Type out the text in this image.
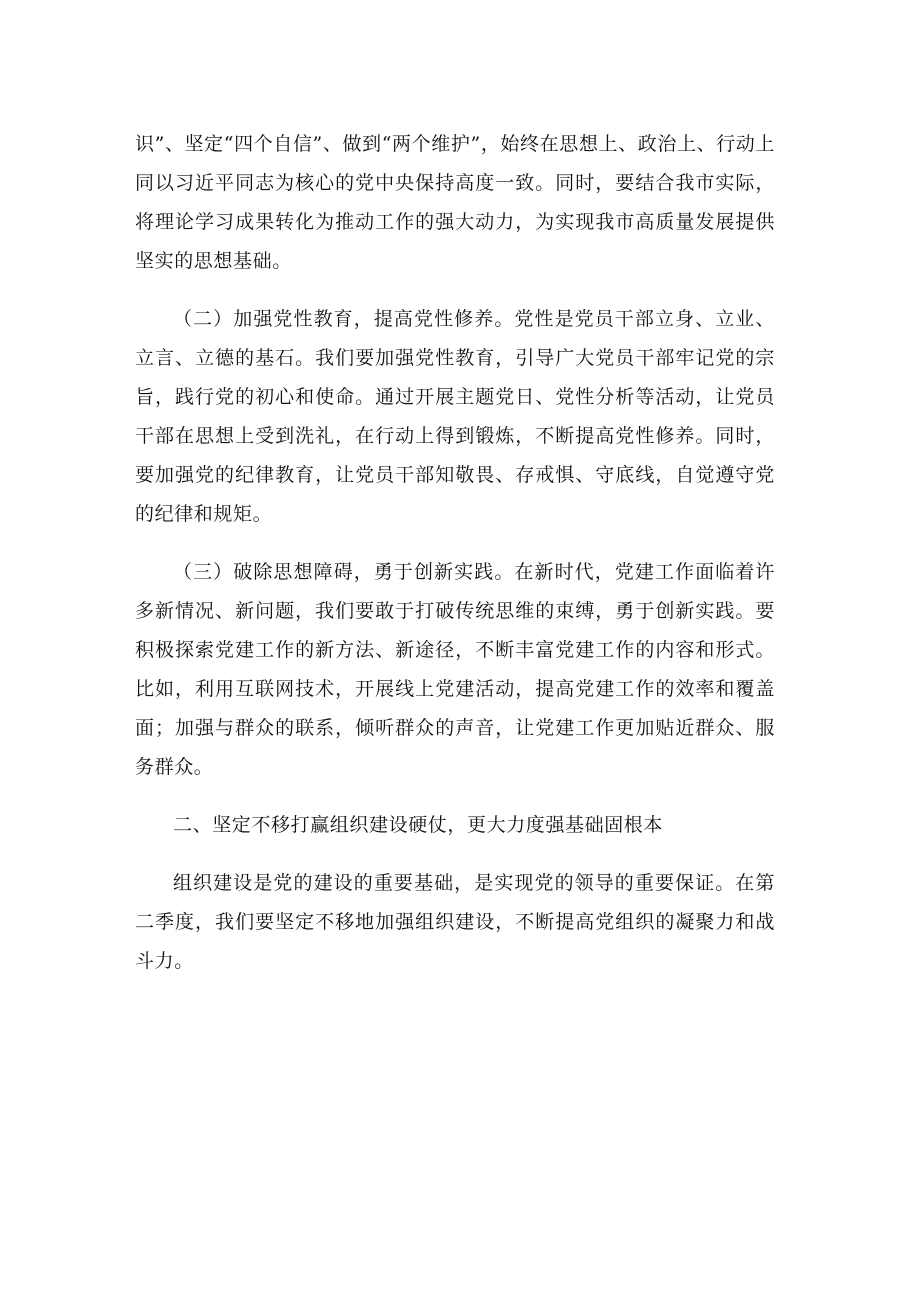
识”、坚定“四个自信”、做到“两个维护”，始终在思想上、政治上、行动上同以习近平同志为核心的党中央保持高度一致。同时，要结合我市实际，将理论学习成果转化为推动工作的强大动力，为实现我市高质量发展提供坚实的思想基础。

（二）加强党性教育，提高党性修养。党性是党员干部立身、立业、立言、立德的基石。我们要加强党性教育，引导广大党员干部牢记党的宗旨，践行党的初心和使命。通过开展主题党日、党性分析等活动，让党员干部在思想上受到洗礼，在行动上得到锻炼，不断提高党性修养。同时，要加强党的纪律教育，让党员干部知敬畏、存戒惧、守底线，自觉遵守党的纪律和规矩。

（三）破除思想障碍，勇于创新实践。在新时代，党建工作面临着许多新情况、新问题，我们要敢于打破传统思维的束缚，勇于创新实践。要积极探索党建工作的新方法、新途径，不断丰富党建工作的内容和形式。比如，利用互联网技术，开展线上党建活动，提高党建工作的效率和覆盖面；加强与群众的联系，倾听群众的声音，让党建工作更加贴近群众、服务群众。

二、坚定不移打赢组织建设硬仗，更大力度强基础固根本

组织建设是党的建设的重要基础，是实现党的领导的重要保证。在第二季度，我们要坚定不移地加强组织建设，不断提高党组织的凝聚力和战斗力。
